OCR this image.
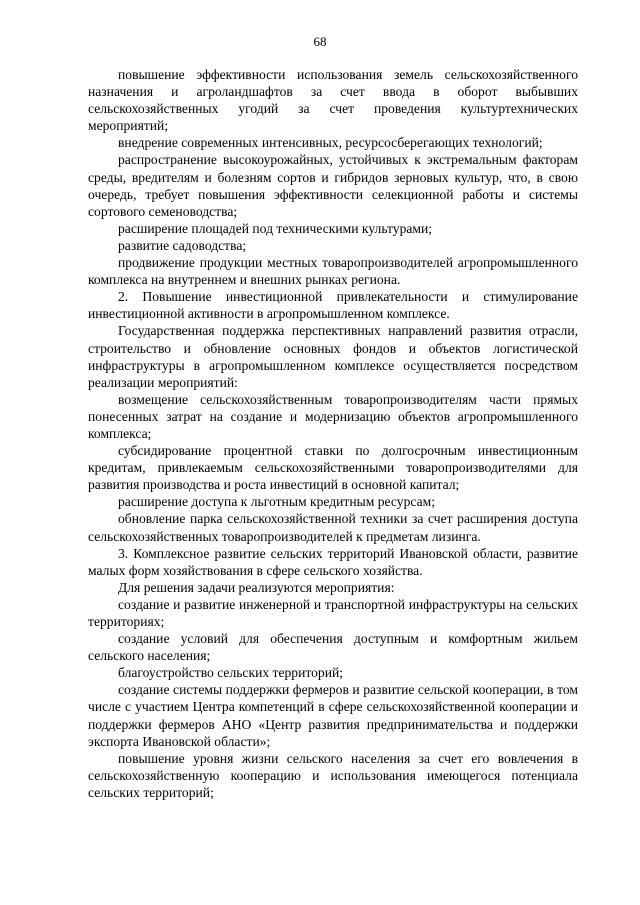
68

повышение эффективности использования земель сельскохозяйственного назначения и агроландшафтов за счет ввода в оборот выбывших сельскохозяйственных угодий за счет проведения культуртехнических мероприятий;

внедрение современных интенсивных, ресурсосберегающих технологий;

распространение высокоурожайных, устойчивых к экстремальным факторам среды, вредителям и болезням сортов и гибридов зерновых культур, что, в свою очередь, требует повышения эффективности селекционной работы и системы сортового семеноводства;

расширение площадей под техническими культурами;

развитие садоводства;

продвижение продукции местных товаропроизводителей агропромышленного комплекса на внутреннем и внешних рынках региона.

2. Повышение инвестиционной привлекательности и стимулирование инвестиционной активности в агропромышленном комплексе.

Государственная поддержка перспективных направлений развития отрасли, строительство и обновление основных фондов и объектов логистической инфраструктуры в агропромышленном комплексе осуществляется посредством реализации мероприятий:

возмещение сельскохозяйственным товаропроизводителям части прямых понесенных затрат на создание и модернизацию объектов агропромышленного комплекса;

субсидирование процентной ставки по долгосрочным инвестиционным кредитам, привлекаемым сельскохозяйственными товаропроизводителями для развития производства и роста инвестиций в основной капитал;

расширение доступа к льготным кредитным ресурсам;

обновление парка сельскохозяйственной техники за счет расширения доступа сельскохозяйственных товаропроизводителей к предметам лизинга.

3. Комплексное развитие сельских территорий Ивановской области, развитие малых форм хозяйствования в сфере сельского хозяйства.

Для решения задачи реализуются мероприятия:

создание и развитие инженерной и транспортной инфраструктуры на сельских территориях;

создание условий для обеспечения доступным и комфортным жильем сельского населения;

благоустройство сельских территорий;

создание системы поддержки фермеров и развитие сельской кооперации, в том числе с участием Центра компетенций в сфере сельскохозяйственной кооперации и поддержки фермеров АНО «Центр развития предпринимательства и поддержки экспорта Ивановской области»;

повышение уровня жизни сельского населения за счет его вовлечения в сельскохозяйственную кооперацию и использования имеющегося потенциала сельских территорий;
